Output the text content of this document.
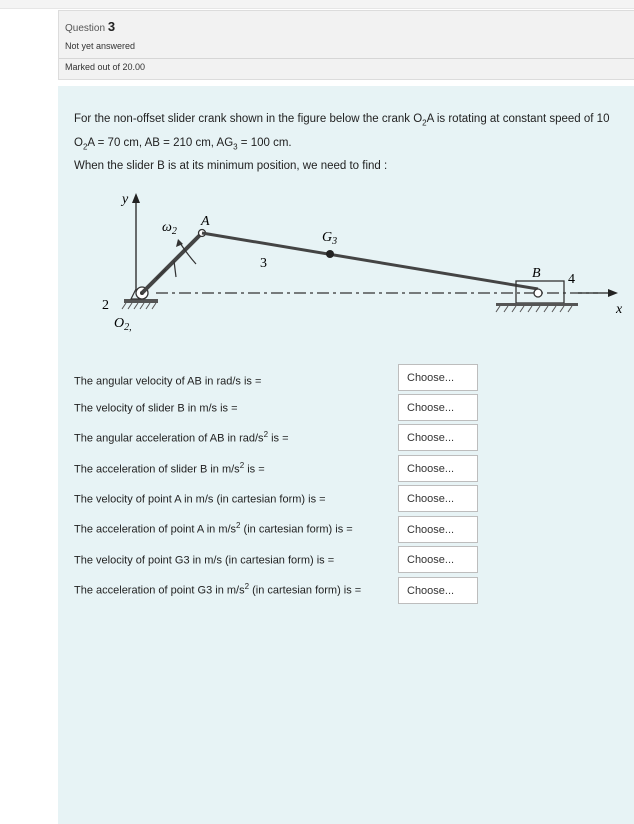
Question 3
Not yet answered
Marked out of 20.00
For the non-offset slider crank shown in the figure below the crank $O_2A$ is rotating at constant speed of 10
$O_2A = 70$ cm, AB = 210 cm, $AG_3 = 100$ cm.
When the slider B is at its minimum position, we need to find :
y
x
$\omega_2$
A
3
$G_3$
B 4
2
$O_{2,}$
The angular velocity of AB in rad/s is =	Choose...
The velocity of slider B in m/s is =	Choose...
The angular acceleration of AB in rad/$s^2$ is =	Choose...
The acceleration of slider B in $m/s^2$ is =	Choose...
The velocity of point A in m/s (in cartesian form) is =	Choose...
The acceleration of point A in $m/s^2$ (in cartesian form) is =	Choose...
The velocity of point G3 in m/s (in cartesian form) is =	Choose...
The acceleration of point G3 in $m/s^2$ (in cartesian form) is =	Choose...
